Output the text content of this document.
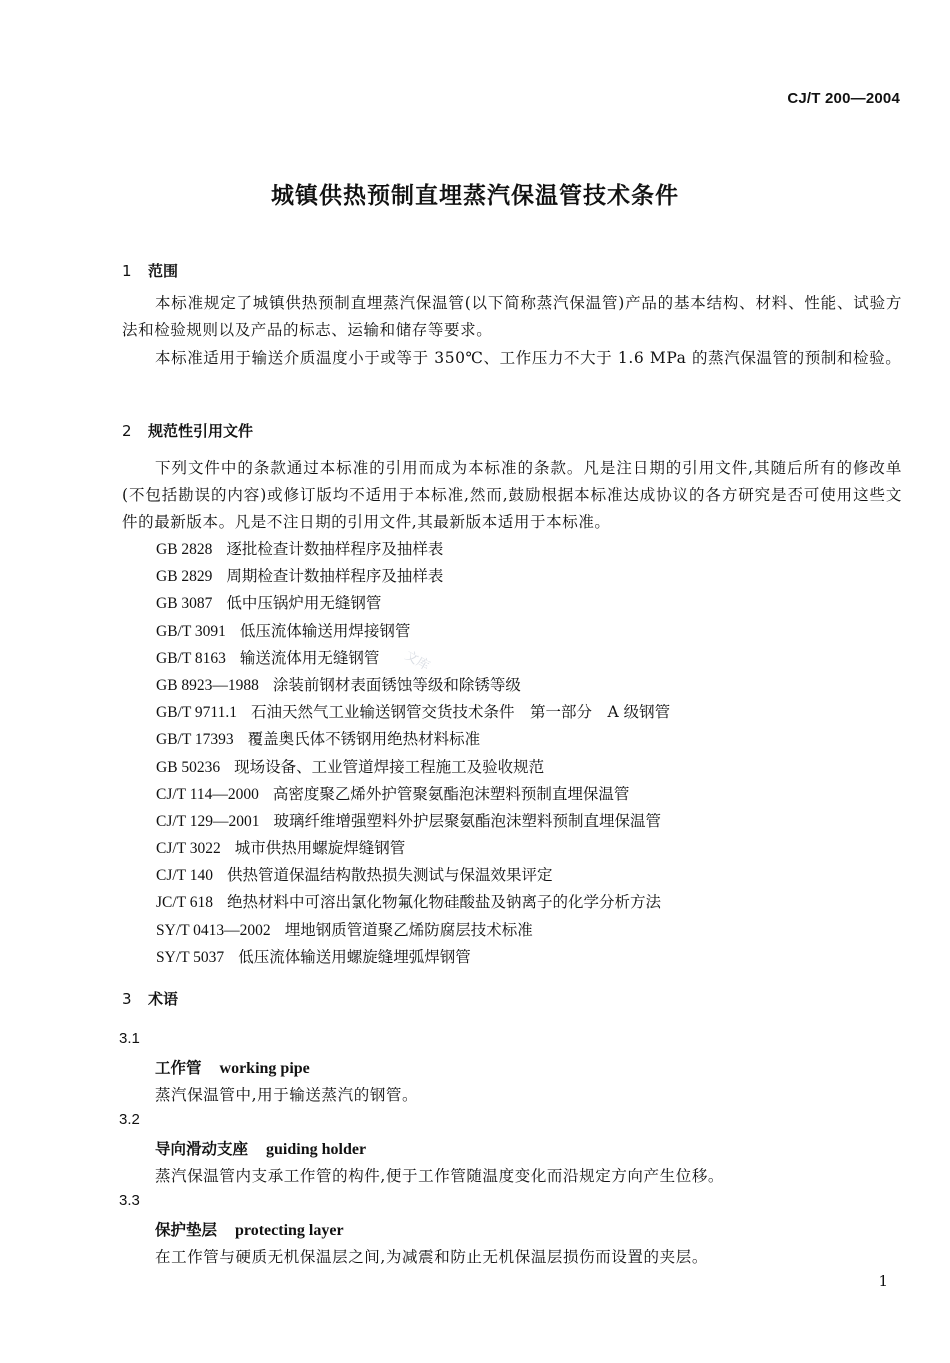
CJ/T 200—2004
城镇供热预制直埋蒸汽保温管技术条件
1 范围

本标准规定了城镇供热预制直埋蒸汽保温管(以下简称蒸汽保温管)产品的基本结构、材料、性能、试验方法和检验规则以及产品的标志、运输和储存等要求。

本标准适用于输送介质温度小于或等于 350℃、工作压力不大于 1.6 MPa 的蒸汽保温管的预制和检验。

2 规范性引用文件

下列文件中的条款通过本标准的引用而成为本标准的条款。凡是注日期的引用文件,其随后所有的修改单(不包括勘误的内容)或修订版均不适用于本标准,然而,鼓励根据本标准达成协议的各方研究是否可使用这些文件的最新版本。凡是不注日期的引用文件,其最新版本适用于本标准。

GB 2828 逐批检查计数抽样程序及抽样表
GB 2829 周期检查计数抽样程序及抽样表
GB 3087 低中压锅炉用无缝钢管
GB/T 3091 低压流体输送用焊接钢管
GB/T 8163 输送流体用无缝钢管
GB 8923—1988 涂装前钢材表面锈蚀等级和除锈等级
GB/T 9711.1 石油天然气工业输送钢管交货技术条件　第一部分　A 级钢管
GB/T 17393 覆盖奥氏体不锈钢用绝热材料标准
GB 50236 现场设备、工业管道焊接工程施工及验收规范
CJ/T 114—2000 高密度聚乙烯外护管聚氨酯泡沫塑料预制直埋保温管
CJ/T 129—2001 玻璃纤维增强塑料外护层聚氨酯泡沫塑料预制直埋保温管
CJ/T 3022 城市供热用螺旋焊缝钢管
CJ/T 140 供热管道保温结构散热损失测试与保温效果评定
JC/T 618 绝热材料中可溶出氯化物氟化物硅酸盐及钠离子的化学分析方法
SY/T 0413—2002 埋地钢质管道聚乙烯防腐层技术标准
SY/T 5037 低压流体输送用螺旋缝埋弧焊钢管
3 术语
3.1
工作管 working pipe
蒸汽保温管中,用于输送蒸汽的钢管。
3.2
导向滑动支座 guiding holder
蒸汽保温管内支承工作管的构件,便于工作管随温度变化而沿规定方向产生位移。
3.3
保护垫层 protecting layer
在工作管与硬质无机保温层之间,为减震和防止无机保温层损伤而设置的夹层。
文库
1
